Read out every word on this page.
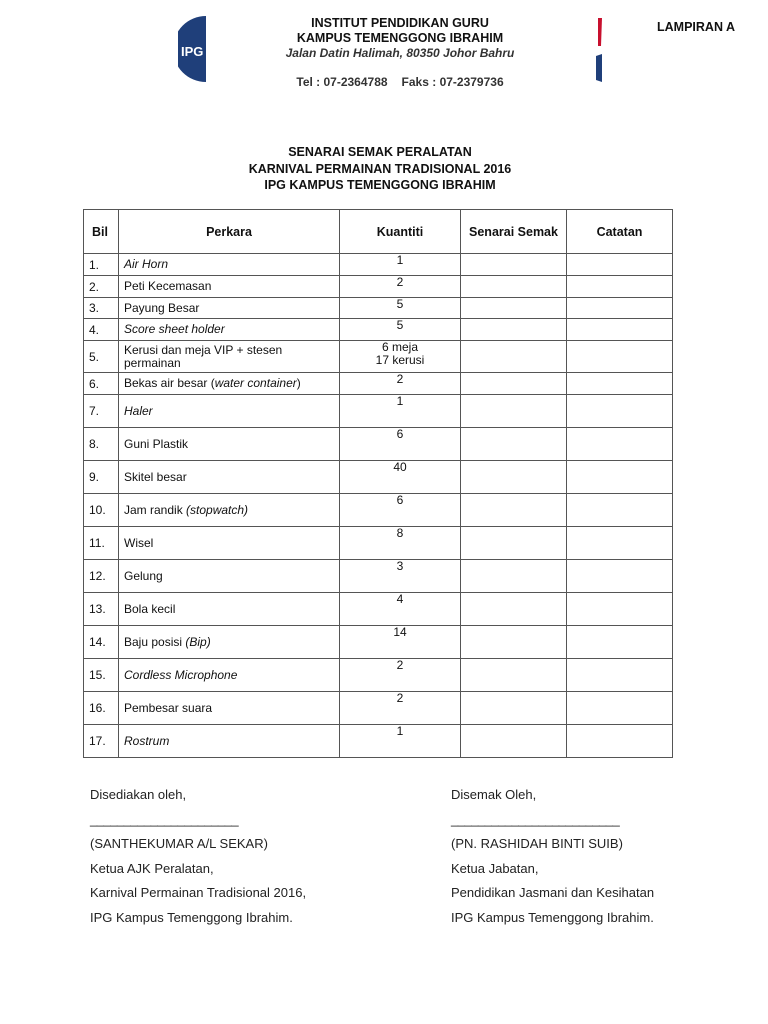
IPG
INSTITUT PENDIDIKAN GURU
KAMPUS TEMENGGONG IBRAHIM
Jalan Datin Halimah, 80350 Johor Bahru
Tel : 07-2364788 Faks : 07-2379736
LAMPIRAN A
SENARAI SEMAK PERALATAN
KARNIVAL PERMAINAN TRADISIONAL 2016
IPG KAMPUS TEMENGGONG IBRAHIM
Bil	Perkara	Kuantiti	Senarai Semak	Catatan
1.	Air Horn	1		
2.	Peti Kecemasan	2		
3.	Payung Besar	5		
4.	Score sheet holder	5		
5.	Kerusi dan meja VIP + stesen permainan	6 meja
17 kerusi		

6.	Bekas air besar (water container)	2		
7.	Haler	1		
8.	Guni Plastik	6		
9.	Skitel besar	40		
10.	Jam randik (stopwatch)	6		
11.	Wisel	8		
12.	Gelung	3		
13.	Bola kecil	4		
14.	Baju posisi (Bip)	14		
15.	Cordless Microphone	2		
16.	Pembesar suara	2		
17.	Rostrum	1		
Disediakan oleh,
______________________
(SANTHEKUMAR A/L SEKAR)
Ketua AJK Peralatan,
Karnival Permainan Tradisional 2016,
IPG Kampus Temenggong Ibrahim.
Disemak Oleh,
_________________________
(PN. RASHIDAH BINTI SUIB)
Ketua Jabatan,
Pendidikan Jasmani dan Kesihatan
IPG Kampus Temenggong Ibrahim.
